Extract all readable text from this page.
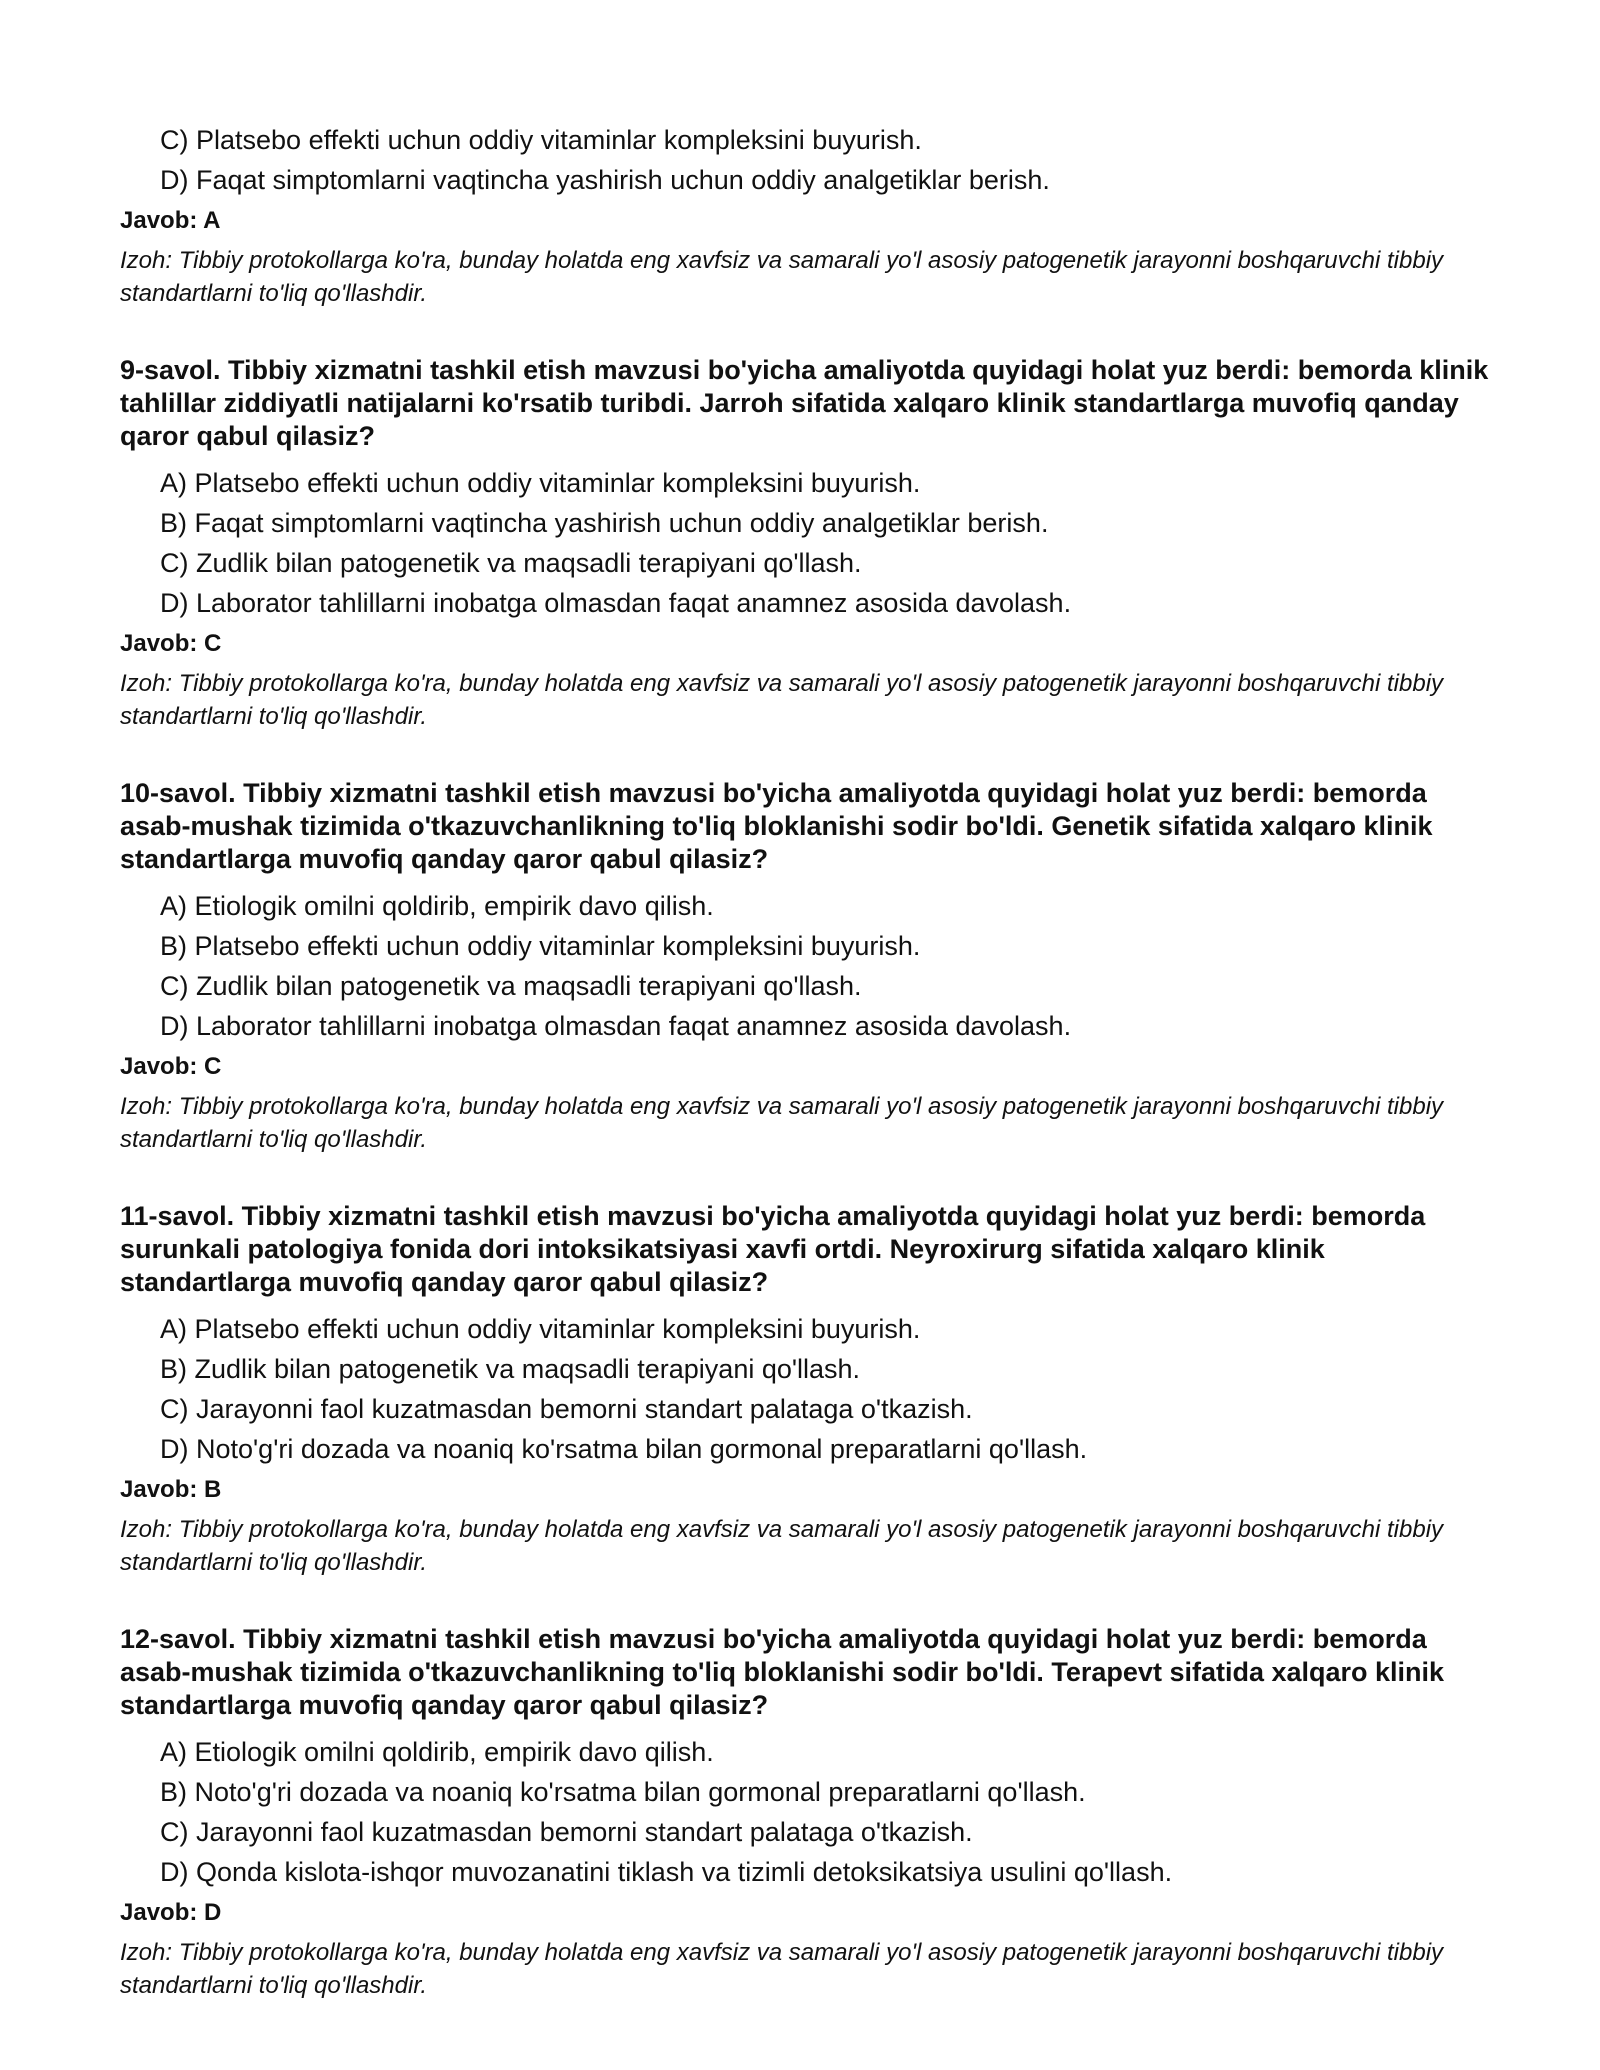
C) Platsebo effekti uchun oddiy vitaminlar kompleksini buyurish.

D) Faqat simptomlarni vaqtincha yashirish uchun oddiy analgetiklar berish.

Javob: A

Izoh: Tibbiy protokollarga ko'ra, bunday holatda eng xavfsiz va samarali yo'l asosiy patogenetik jarayonni boshqaruvchi tibbiy standartlarni to'liq qo'llashdir.

9-savol. Tibbiy xizmatni tashkil etish mavzusi bo'yicha amaliyotda quyidagi holat yuz berdi: bemorda klinik tahlillar ziddiyatli natijalarni ko'rsatib turibdi. Jarroh sifatida xalqaro klinik standartlarga muvofiq qanday qaror qabul qilasiz?

A) Platsebo effekti uchun oddiy vitaminlar kompleksini buyurish.

B) Faqat simptomlarni vaqtincha yashirish uchun oddiy analgetiklar berish.

C) Zudlik bilan patogenetik va maqsadli terapiyani qo'llash.

D) Laborator tahlillarni inobatga olmasdan faqat anamnez asosida davolash.

Javob: C

Izoh: Tibbiy protokollarga ko'ra, bunday holatda eng xavfsiz va samarali yo'l asosiy patogenetik jarayonni boshqaruvchi tibbiy standartlarni to'liq qo'llashdir.

10-savol. Tibbiy xizmatni tashkil etish mavzusi bo'yicha amaliyotda quyidagi holat yuz berdi: bemorda asab-mushak tizimida o'tkazuvchanlikning to'liq bloklanishi sodir bo'ldi. Genetik sifatida xalqaro klinik standartlarga muvofiq qanday qaror qabul qilasiz?

A) Etiologik omilni qoldirib, empirik davo qilish.

B) Platsebo effekti uchun oddiy vitaminlar kompleksini buyurish.

C) Zudlik bilan patogenetik va maqsadli terapiyani qo'llash.

D) Laborator tahlillarni inobatga olmasdan faqat anamnez asosida davolash.

Javob: C

Izoh: Tibbiy protokollarga ko'ra, bunday holatda eng xavfsiz va samarali yo'l asosiy patogenetik jarayonni boshqaruvchi tibbiy standartlarni to'liq qo'llashdir.

11-savol. Tibbiy xizmatni tashkil etish mavzusi bo'yicha amaliyotda quyidagi holat yuz berdi: bemorda surunkali patologiya fonida dori intoksikatsiyasi xavfi ortdi. Neyroxirurg sifatida xalqaro klinik standartlarga muvofiq qanday qaror qabul qilasiz?

A) Platsebo effekti uchun oddiy vitaminlar kompleksini buyurish.

B) Zudlik bilan patogenetik va maqsadli terapiyani qo'llash.

C) Jarayonni faol kuzatmasdan bemorni standart palataga o'tkazish.

D) Noto'g'ri dozada va noaniq ko'rsatma bilan gormonal preparatlarni qo'llash.

Javob: B

Izoh: Tibbiy protokollarga ko'ra, bunday holatda eng xavfsiz va samarali yo'l asosiy patogenetik jarayonni boshqaruvchi tibbiy standartlarni to'liq qo'llashdir.

12-savol. Tibbiy xizmatni tashkil etish mavzusi bo'yicha amaliyotda quyidagi holat yuz berdi: bemorda asab-mushak tizimida o'tkazuvchanlikning to'liq bloklanishi sodir bo'ldi. Terapevt sifatida xalqaro klinik standartlarga muvofiq qanday qaror qabul qilasiz?

A) Etiologik omilni qoldirib, empirik davo qilish.

B) Noto'g'ri dozada va noaniq ko'rsatma bilan gormonal preparatlarni qo'llash.

C) Jarayonni faol kuzatmasdan bemorni standart palataga o'tkazish.

D) Qonda kislota-ishqor muvozanatini tiklash va tizimli detoksikatsiya usulini qo'llash.

Javob: D

Izoh: Tibbiy protokollarga ko'ra, bunday holatda eng xavfsiz va samarali yo'l asosiy patogenetik jarayonni boshqaruvchi tibbiy standartlarni to'liq qo'llashdir.
